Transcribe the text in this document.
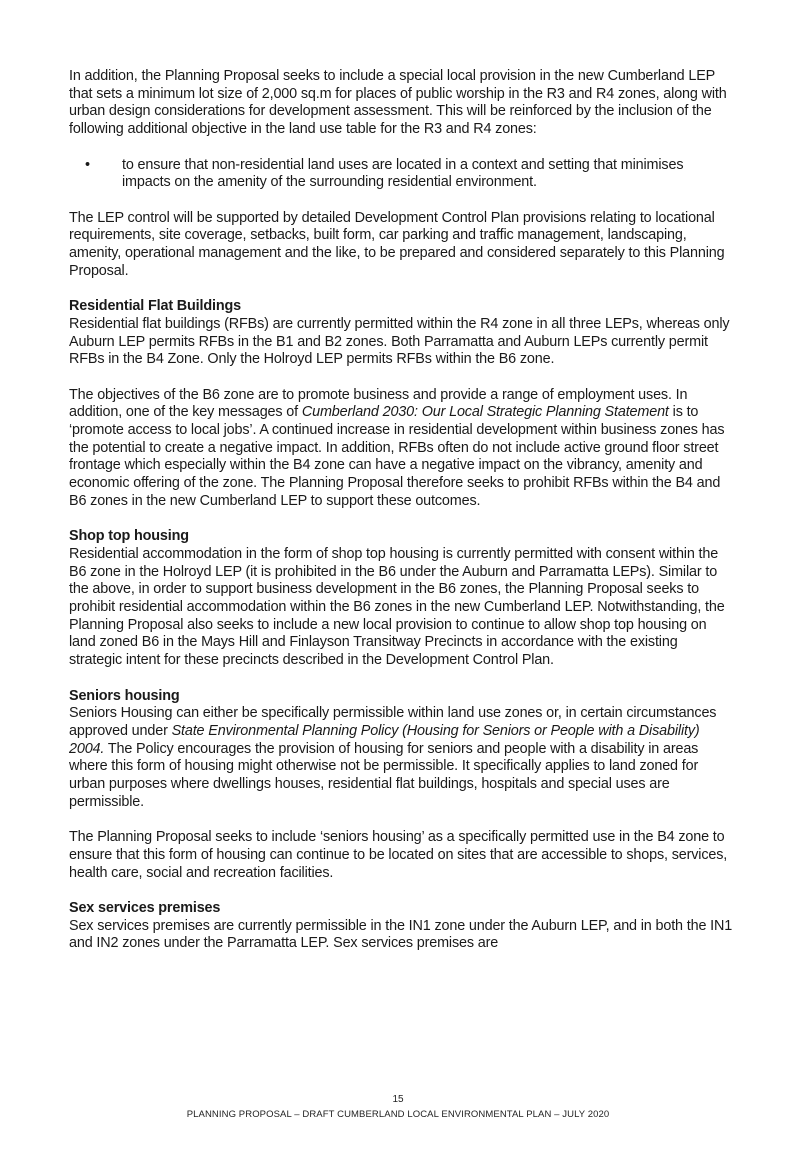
In addition, the Planning Proposal seeks to include a special local provision in the new Cumberland LEP that sets a minimum lot size of 2,000 sq.m for places of public worship in the R3 and R4 zones, along with urban design considerations for development assessment. This will be reinforced by the inclusion of the following additional objective in the land use table for the R3 and R4 zones:

• to ensure that non-residential land uses are located in a context and setting that minimises impacts on the amenity of the surrounding residential environment.

The LEP control will be supported by detailed Development Control Plan provisions relating to locational requirements, site coverage, setbacks, built form, car parking and traffic management, landscaping, amenity, operational management and the like, to be prepared and considered separately to this Planning Proposal.

Residential Flat Buildings

Residential flat buildings (RFBs) are currently permitted within the R4 zone in all three LEPs, whereas only Auburn LEP permits RFBs in the B1 and B2 zones. Both Parramatta and Auburn LEPs currently permit RFBs in the B4 Zone. Only the Holroyd LEP permits RFBs within the B6 zone.

The objectives of the B6 zone are to promote business and provide a range of employment uses. In addition, one of the key messages of Cumberland 2030: Our Local Strategic Planning Statement is to ‘promote access to local jobs’. A continued increase in residential development within business zones has the potential to create a negative impact. In addition, RFBs often do not include active ground floor street frontage which especially within the B4 zone can have a negative impact on the vibrancy, amenity and economic offering of the zone. The Planning Proposal therefore seeks to prohibit RFBs within the B4 and B6 zones in the new Cumberland LEP to support these outcomes.

Shop top housing

Residential accommodation in the form of shop top housing is currently permitted with consent within the B6 zone in the Holroyd LEP (it is prohibited in the B6 under the Auburn and Parramatta LEPs). Similar to the above, in order to support business development in the B6 zones, the Planning Proposal seeks to prohibit residential accommodation within the B6 zones in the new Cumberland LEP. Notwithstanding, the Planning Proposal also seeks to include a new local provision to continue to allow shop top housing on land zoned B6 in the Mays Hill and Finlayson Transitway Precincts in accordance with the existing strategic intent for these precincts described in the Development Control Plan.

Seniors housing

Seniors Housing can either be specifically permissible within land use zones or, in certain circumstances approved under State Environmental Planning Policy (Housing for Seniors or People with a Disability) 2004. The Policy encourages the provision of housing for seniors and people with a disability in areas where this form of housing might otherwise not be permissible. It specifically applies to land zoned for urban purposes where dwellings houses, residential flat buildings, hospitals and special uses are permissible.

The Planning Proposal seeks to include ‘seniors housing’ as a specifically permitted use in the B4 zone to ensure that this form of housing can continue to be located on sites that are accessible to shops, services, health care, social and recreation facilities.

Sex services premises

Sex services premises are currently permissible in the IN1 zone under the Auburn LEP, and in both the IN1 and IN2 zones under the Parramatta LEP. Sex services premises are

15
PLANNING PROPOSAL – DRAFT CUMBERLAND LOCAL ENVIRONMENTAL PLAN – JULY 2020
